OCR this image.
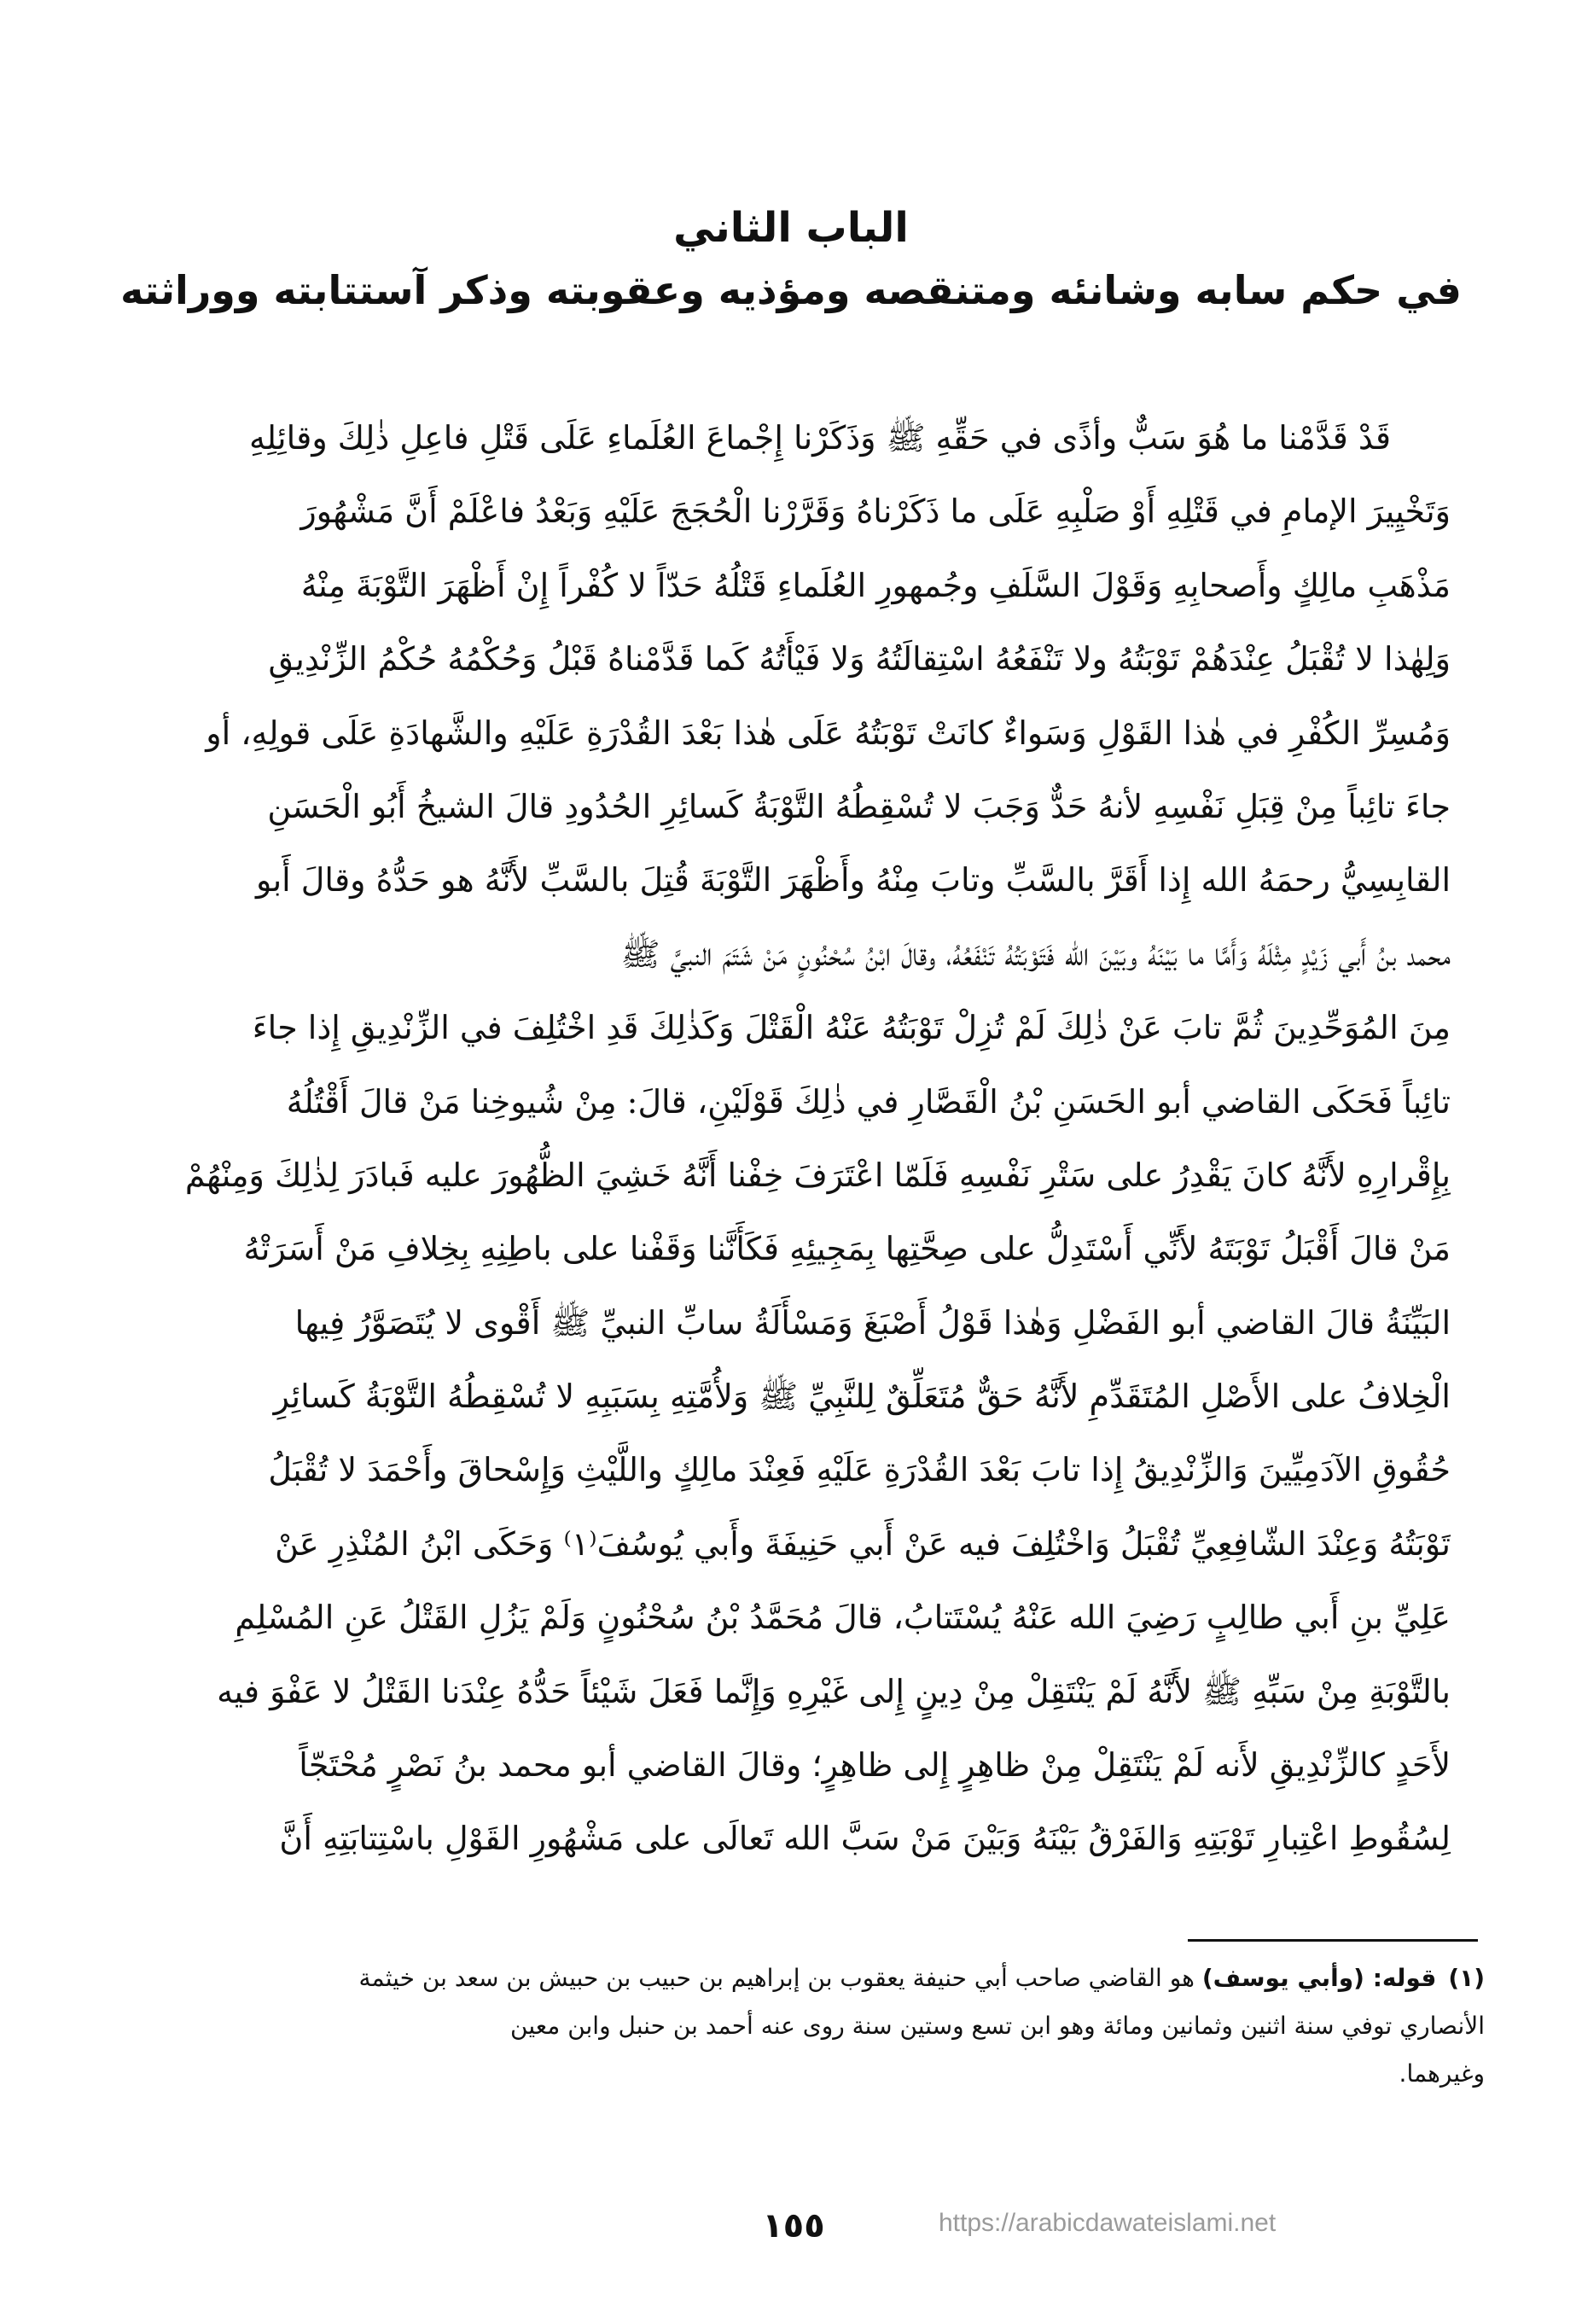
الباب الثاني
في حكم سابه وشانئه ومتنقصه ومؤذيه وعقوبته وذكر آستتابته ووراثته
قَدْ قَدَّمْنا ما هُوَ سَبٌّ وأذًى في حَقِّهِ ﷺ وَذَكَرْنا إِجْماعَ العُلَماءِ عَلَى قَتْلِ فاعِلِ ذٰلِكَ وقائِلِهِ
وَتَخْيِيرَ الإمامِ في قَتْلِهِ أَوْ صَلْبِهِ عَلَى ما ذَكَرْناهُ وَقَرَّرْنا الْحُجَجَ عَلَيْهِ وَبَعْدُ فاعْلَمْ أَنَّ مَشْهُورَ
مَذْهَبِ مالِكٍ وأَصحابِهِ وَقَوْلَ السَّلَفِ وجُمهورِ العُلَماءِ قَتْلُهُ حَدّاً لا كُفْراً إِنْ أَظْهَرَ التَّوْبَةَ مِنْهُ
وَلِهٰذا لا تُقْبَلُ عِنْدَهُمْ تَوْبَتُهُ ولا تَنْفَعُهُ اسْتِقالَتُهُ وَلا فَيْأَتُهُ كَما قَدَّمْناهُ قَبْلُ وَحُكْمُهُ حُكْمُ الزِّنْدِيقِ
وَمُسِرِّ الكُفْرِ في هٰذا القَوْلِ وَسَواءٌ كانَتْ تَوْبَتُهُ عَلَى هٰذا بَعْدَ القُدْرَةِ عَلَيْهِ والشَّهادَةِ عَلَى قولِهِ، أو
جاءَ تائِباً مِنْ قِبَلِ نَفْسِهِ لأنهُ حَدٌّ وَجَبَ لا تُسْقِطُهُ التَّوْبَةُ كَسائِرِ الحُدُودِ قالَ الشيخُ أَبُو الْحَسَنِ
القابِسِيُّ رحمَهُ الله إِذا أَقَرَّ بالسَّبِّ وتابَ مِنْهُ وأَظْهَرَ التَّوْبَةَ قُتِلَ بالسَّبِّ لأَنَّهُ هو حَدُّهُ وقالَ أَبو
محمد بنُ أَبي زَيْدٍ مِثْلَهُ وَأَمَّا ما بَيْنَهُ وبَيْنَ الله فَتَوْبَتُهُ تَنْفَعُهُ، وقالَ ابْنُ سُحْنُونٍ مَنْ شَتَمَ النبيَّ ﷺ
مِنَ المُوَحِّدِينَ ثُمَّ تابَ عَنْ ذٰلِكَ لَمْ تُزِلْ تَوْبَتُهُ عَنْهُ الْقَتْلَ وَكَذٰلِكَ قَدِ اخْتُلِفَ في الزِّنْدِيقِ إِذا جاءَ
تائِباً فَحَكَى القاضي أبو الحَسَنِ بْنُ الْقَصَّارِ في ذٰلِكَ قَوْلَيْنِ، قالَ: مِنْ شُيوخِنا مَنْ قالَ أَقْتُلُهُ
بِإِقْرارِهِ لأَنَّهُ كانَ يَقْدِرُ على سَتْرِ نَفْسِهِ فَلَمّا اعْتَرَفَ خِفْنا أَنَّهُ خَشِيَ الظُّهُورَ عليه فَبادَرَ لِذٰلِكَ وَمِنْهُمْ
مَنْ قالَ أَقْبَلُ تَوْبَتَهُ لأَنِّي أَسْتَدِلُّ على صِحَّتِها بِمَجِيئِهِ فَكَأَنَّنا وَقَفْنا على باطِنِهِ بِخِلافِ مَنْ أَسَرَتْهُ
البَيِّنَةُ قالَ القاضي أبو الفَضْلِ وَهٰذا قَوْلُ أَصْبَغَ وَمَسْأَلَةُ سابِّ النبيِّ ﷺ أَقْوى لا يُتَصَوَّرُ فِيها
الْخِلافُ على الأَصْلِ المُتَقَدِّمِ لأَنَّهُ حَقٌّ مُتَعَلِّقٌ لِلنَّبِيِّ ﷺ وَلأُمَّتِهِ بِسَبَبِهِ لا تُسْقِطُهُ التَّوْبَةُ كَسائِرِ
حُقُوقِ الآدَمِيِّينَ وَالزِّنْدِيقُ إِذا تابَ بَعْدَ القُدْرَةِ عَلَيْهِ فَعِنْدَ مالِكٍ واللَّيْثِ وَإِسْحاقَ وأَحْمَدَ لا تُقْبَلُ
تَوْبَتُهُ وَعِنْدَ الشّافِعِيِّ تُقْبَلُ وَاخْتُلِفَ فيه عَنْ أَبي حَنِيفَةَ وأَبي يُوسُفَ⁽١⁾ وَحَكَى ابْنُ المُنْذِرِ عَنْ
عَلِيِّ بنِ أَبي طالِبٍ رَضِيَ الله عَنْهُ يُسْتَتابُ، قالَ مُحَمَّدُ بْنُ سُحْنُونٍ وَلَمْ يَزُلِ القَتْلُ عَنِ المُسْلِمِ
بالتَّوْبَةِ مِنْ سَبِّهِ ﷺ لأَنَّهُ لَمْ يَنْتَقِلْ مِنْ دِينٍ إِلى غَيْرِهِ وَإِنَّما فَعَلَ شَيْئاً حَدُّهُ عِنْدَنا القَتْلُ لا عَفْوَ فيه
لأَحَدٍ كالزِّنْدِيقِ لأَنه لَمْ يَنْتَقِلْ مِنْ ظاهِرٍ إِلى ظاهِرٍ؛ وقالَ القاضي أبو محمد بنُ نَصْرٍ مُحْتَجّاً
لِسُقُوطِ اعْتِبارِ تَوْبَتِهِ وَالفَرْقُ بَيْنَهُ وَبَيْنَ مَنْ سَبَّ الله تَعالَى على مَشْهُورِ القَوْلِ باسْتِتابَتِهِ أَنَّ
(١)قوله: (وأبي يوسف) هو القاضي صاحب أبي حنيفة يعقوب بن إبراهيم بن حبيب بن حبيش بن سعد بن خيثمة
الأنصاري توفي سنة اثنين وثمانين ومائة وهو ابن تسع وستين سنة روى عنه أحمد بن حنبل وابن معين
وغيرهما.
١٥٥	https://arabicdawateislami.net
